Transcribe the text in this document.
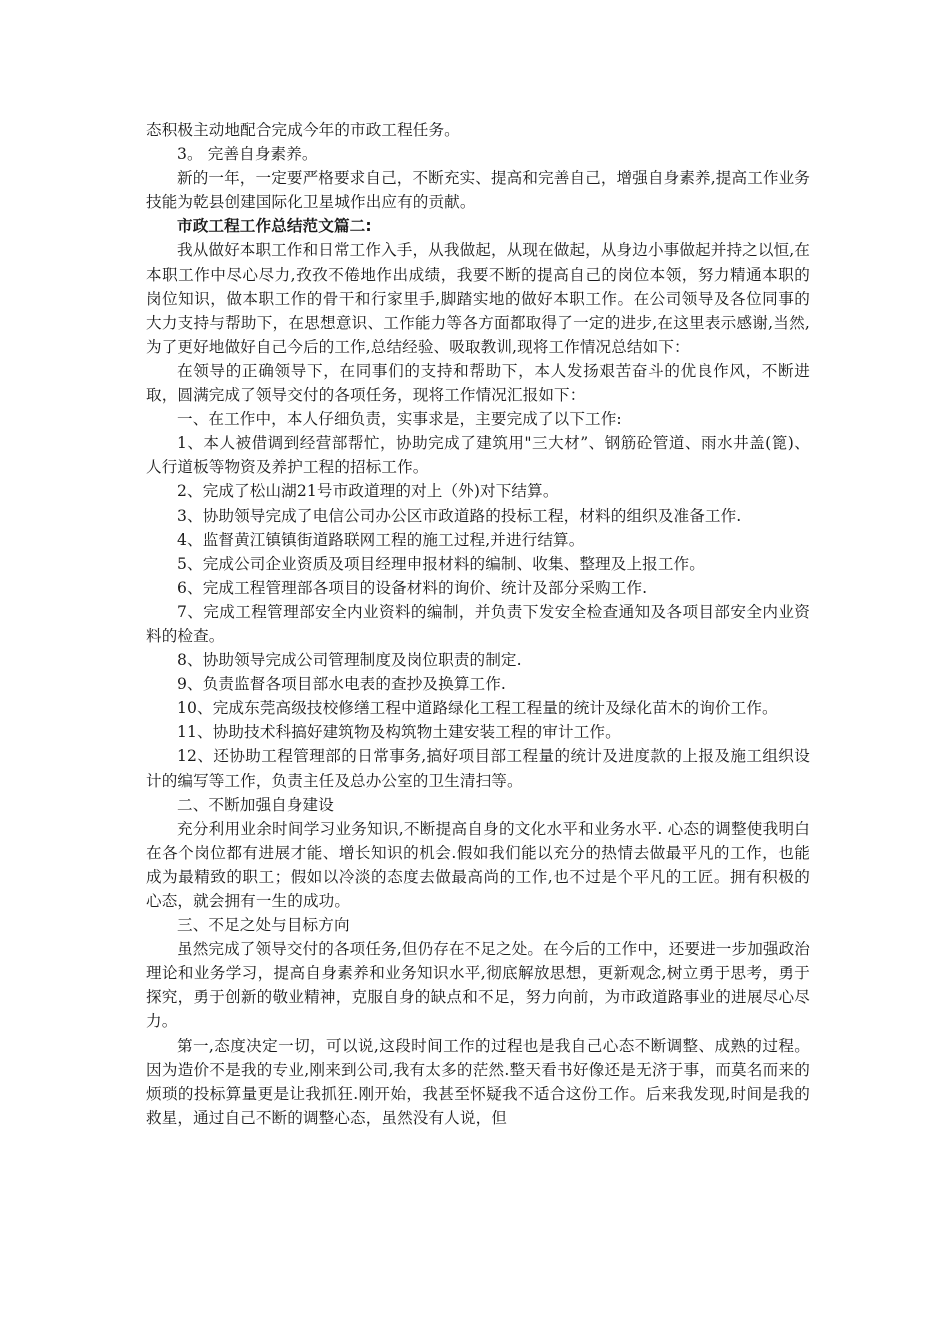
态积极主动地配合完成今年的市政工程任务。

3。 完善自身素养。

新的一年，一定要严格要求自己，不断充实、提高和完善自己，增强自身素养,提高工作业务技能为乾县创建国际化卫星城作出应有的贡献。

市政工程工作总结范文篇二:

我从做好本职工作和日常工作入手，从我做起，从现在做起，从身边小事做起并持之以恒,在本职工作中尽心尽力,孜孜不倦地作出成绩，我要不断的提高自己的岗位本领，努力精通本职的岗位知识，做本职工作的骨干和行家里手,脚踏实地的做好本职工作。在公司领导及各位同事的大力支持与帮助下，在思想意识、工作能力等各方面都取得了一定的进步,在这里表示感谢,当然,为了更好地做好自己今后的工作,总结经验、吸取教训,现将工作情况总结如下：

在领导的正确领导下，在同事们的支持和帮助下，本人发扬艰苦奋斗的优良作风，不断进取，圆满完成了领导交付的各项任务，现将工作情况汇报如下：

一、在工作中，本人仔细负责，实事求是，主要完成了以下工作:

1、本人被借调到经营部帮忙，协助完成了建筑用"三大材”、钢筋砼管道、雨水井盖(篦)、人行道板等物资及养护工程的招标工作。

2、完成了松山湖21号市政道理的对上（外)对下结算。

3、协助领导完成了电信公司办公区市政道路的投标工程，材料的组织及准备工作.

4、监督黄江镇镇街道路联网工程的施工过程,并进行结算。

5、完成公司企业资质及项目经理申报材料的编制、收集、整理及上报工作。

6、完成工程管理部各项目的设备材料的询价、统计及部分采购工作.

7、完成工程管理部安全内业资料的编制，并负责下发安全检查通知及各项目部安全内业资料的检查。

8、协助领导完成公司管理制度及岗位职责的制定.

9、负责监督各项目部水电表的查抄及换算工作.

10、完成东莞高级技校修缮工程中道路绿化工程工程量的统计及绿化苗木的询价工作。

11、协助技术科搞好建筑物及构筑物土建安装工程的审计工作。

12、还协助工程管理部的日常事务,搞好项目部工程量的统计及进度款的上报及施工组织设计的编写等工作，负责主任及总办公室的卫生清扫等。

二、不断加强自身建设

充分利用业余时间学习业务知识,不断提高自身的文化水平和业务水平. 心态的调整使我明白在各个岗位都有进展才能、增长知识的机会.假如我们能以充分的热情去做最平凡的工作，也能成为最精致的职工；假如以冷淡的态度去做最高尚的工作,也不过是个平凡的工匠。拥有积极的心态，就会拥有一生的成功。

三、不足之处与目标方向

虽然完成了领导交付的各项任务,但仍存在不足之处。在今后的工作中，还要进一步加强政治理论和业务学习，提高自身素养和业务知识水平,彻底解放思想，更新观念,树立勇于思考，勇于探究，勇于创新的敬业精神，克服自身的缺点和不足，努力向前，为市政道路事业的进展尽心尽力。

第一,态度决定一切，可以说,这段时间工作的过程也是我自己心态不断调整、成熟的过程。因为造价不是我的专业,刚来到公司,我有太多的茫然.整天看书好像还是无济于事，而莫名而来的烦琐的投标算量更是让我抓狂.刚开始，我甚至怀疑我不适合这份工作。后来我发现,时间是我的救星，通过自己不断的调整心态，虽然没有人说，但
